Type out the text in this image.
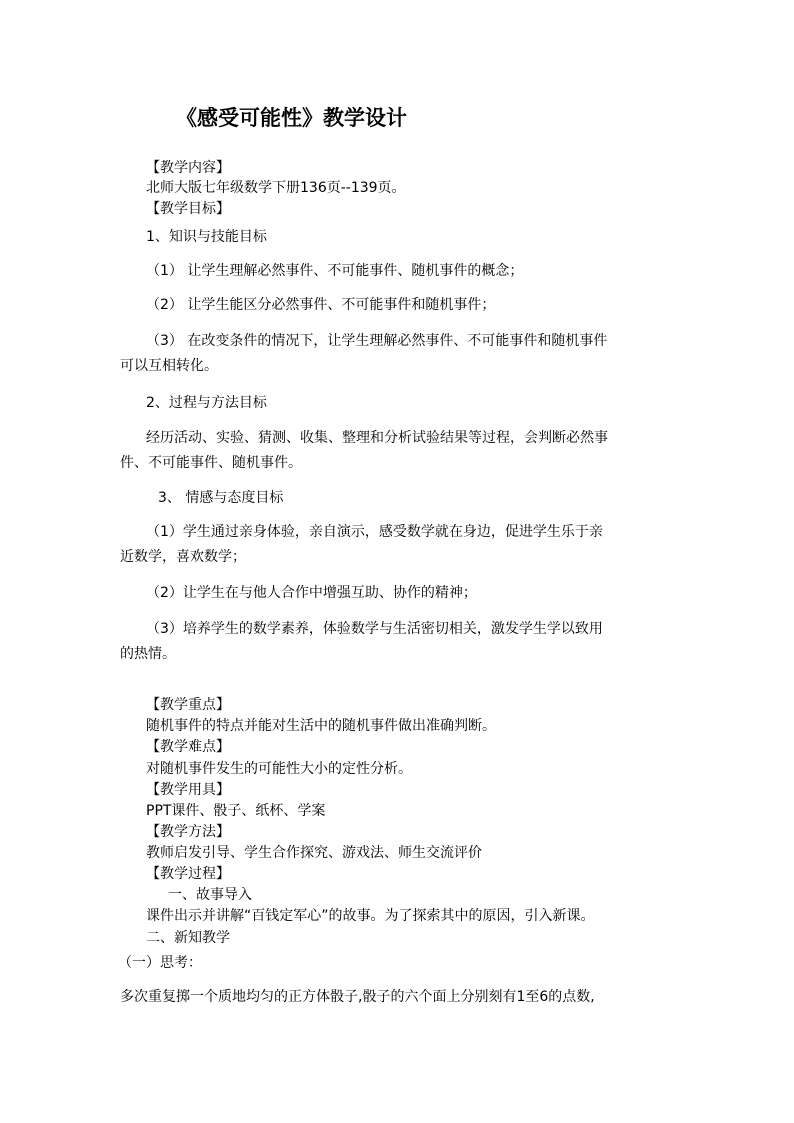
《感受可能性》教学设计
【教学内容】
北师大版七年级数学下册136页--139页。
【教学目标】
1、知识与技能目标
（1） 让学生理解必然事件、不可能事件、随机事件的概念；
（2） 让学生能区分必然事件、不可能事件和随机事件；
（3） 在改变条件的情况下，让学生理解必然事件、不可能事件和随机事件
可以互相转化。
2、过程与方法目标
经历活动、实验、猜测、收集、整理和分析试验结果等过程，会判断必然事
件、不可能事件、随机事件。
3、 情感与态度目标
（1）学生通过亲身体验，亲自演示，感受数学就在身边，促进学生乐于亲
近数学，喜欢数学；
（2）让学生在与他人合作中增强互助、协作的精神；
（3）培养学生的数学素养，体验数学与生活密切相关，激发学生学以致用
的热情。
【教学重点】
随机事件的特点并能对生活中的随机事件做出准确判断。
【教学难点】
对随机事件发生的可能性大小的定性分析。
【教学用具】
PPT课件、骰子、纸杯、学案
【教学方法】
教师启发引导、学生合作探究、游戏法、师生交流评价
【教学过程】
一、故事导入
课件出示并讲解“百钱定军心”的故事。为了探索其中的原因，引入新课。
二、新知教学
（一）思考：
多次重复掷一个质地均匀的正方体骰子,骰子的六个面上分别刻有1至6的点数,
